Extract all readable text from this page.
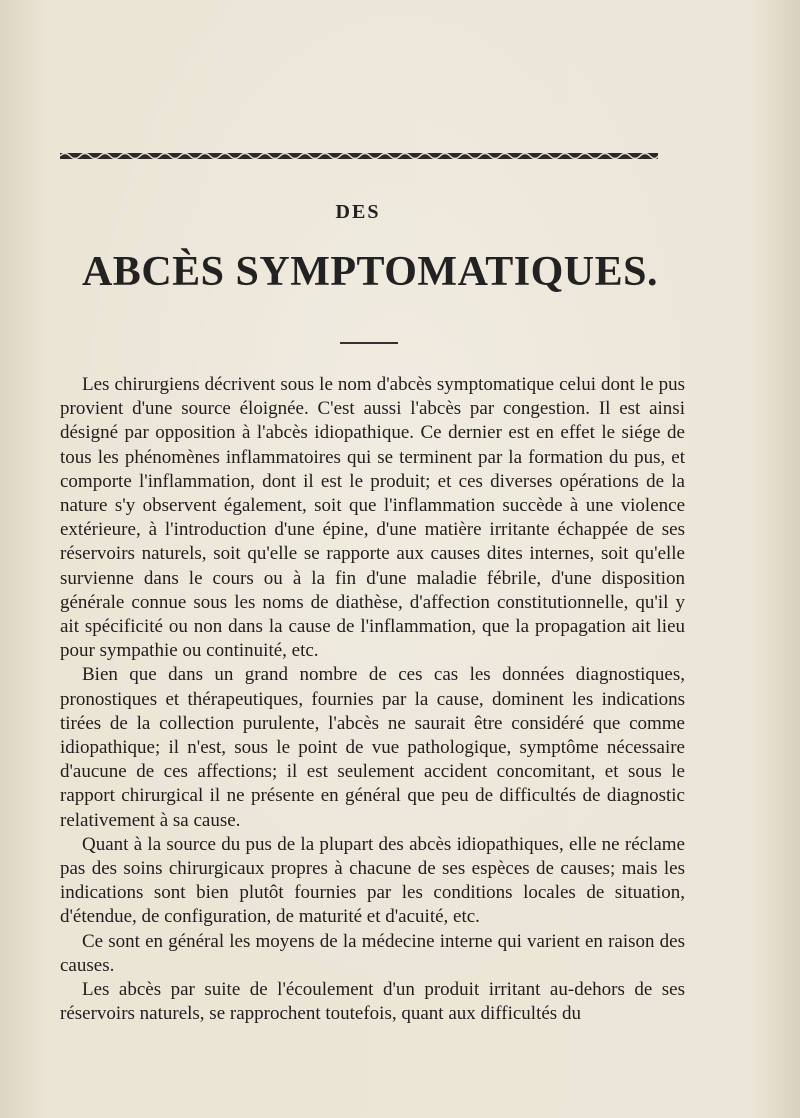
DES
ABCÈS SYMPTOMATIQUES.

Les chirurgiens décrivent sous le nom d'abcès symptomatique celui dont le pus provient d'une source éloignée. C'est aussi l'abcès par congestion. Il est ainsi désigné par opposition à l'abcès idiopathique. Ce dernier est en effet le siége de tous les phénomènes inflammatoires qui se terminent par la formation du pus, et comporte l'inflammation, dont il est le produit; et ces diverses opérations de la nature s'y observent également, soit que l'inflammation succède à une violence extérieure, à l'introduction d'une épine, d'une matière irritante échappée de ses réservoirs naturels, soit qu'elle se rapporte aux causes dites internes, soit qu'elle survienne dans le cours ou à la fin d'une maladie fébrile, d'une disposition générale connue sous les noms de diathèse, d'affection constitutionnelle, qu'il y ait spécificité ou non dans la cause de l'inflammation, que la propagation ait lieu pour sympathie ou continuité, etc.

Bien que dans un grand nombre de ces cas les données diagnostiques, pronostiques et thérapeutiques, fournies par la cause, dominent les indications tirées de la collection purulente, l'abcès ne saurait être considéré que comme idiopathique; il n'est, sous le point de vue pathologique, symptôme nécessaire d'aucune de ces affections; il est seulement accident concomitant, et sous le rapport chirurgical il ne présente en général que peu de difficultés de diagnostic relativement à sa cause.

Quant à la source du pus de la plupart des abcès idiopathiques, elle ne réclame pas des soins chirurgicaux propres à chacune de ses espèces de causes; mais les indications sont bien plutôt fournies par les conditions locales de situation, d'étendue, de configuration, de maturité et d'acuité, etc.

Ce sont en général les moyens de la médecine interne qui varient en raison des causes.

Les abcès par suite de l'écoulement d'un produit irritant au-dehors de ses réservoirs naturels, se rapprochent toutefois, quant aux difficultés du
